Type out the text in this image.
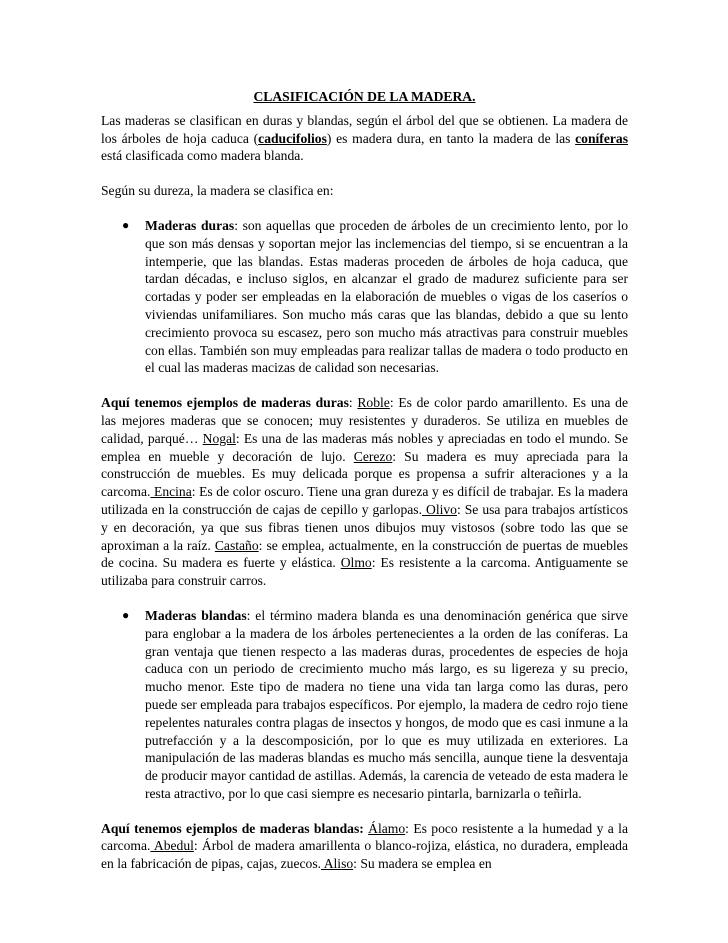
CLASIFICACIÓN DE LA MADERA.

Las maderas se clasifican en duras y blandas, según el árbol del que se obtienen. La madera de los árboles de hoja caduca (caducifolios) es madera dura, en tanto la madera de las coníferas está clasificada como madera blanda.

Según su dureza, la madera se clasifica en:

● Maderas duras: son aquellas que proceden de árboles de un crecimiento lento, por lo que son más densas y soportan mejor las inclemencias del tiempo, si se encuentran a la intemperie, que las blandas. Estas maderas proceden de árboles de hoja caduca, que tardan décadas, e incluso siglos, en alcanzar el grado de madurez suficiente para ser cortadas y poder ser empleadas en la elaboración de muebles o vigas de los caseríos o viviendas unifamiliares. Son mucho más caras que las blandas, debido a que su lento crecimiento provoca su escasez, pero son mucho más atractivas para construir muebles con ellas. También son muy empleadas para realizar tallas de madera o todo producto en el cual las maderas macizas de calidad son necesarias.

Aquí tenemos ejemplos de maderas duras: Roble: Es de color pardo amarillento. Es una de las mejores maderas que se conocen; muy resistentes y duraderos. Se utiliza en muebles de calidad, parqué… Nogal: Es una de las maderas más nobles y apreciadas en todo el mundo. Se emplea en mueble y decoración de lujo. Cerezo: Su madera es muy apreciada para la construcción de muebles. Es muy delicada porque es propensa a sufrir alteraciones y a la carcoma. Encina: Es de color oscuro. Tiene una gran dureza y es difícil de trabajar. Es la madera utilizada en la construcción de cajas de cepillo y garlopas. Olivo: Se usa para trabajos artísticos y en decoración, ya que sus fibras tienen unos dibujos muy vistosos (sobre todo las que se aproximan a la raíz. Castaño: se emplea, actualmente, en la construcción de puertas de muebles de cocina. Su madera es fuerte y elástica. Olmo: Es resistente a la carcoma. Antiguamente se utilizaba para construir carros.

● Maderas blandas: el término madera blanda es una denominación genérica que sirve para englobar a la madera de los árboles pertenecientes a la orden de las coníferas. La gran ventaja que tienen respecto a las maderas duras, procedentes de especies de hoja caduca con un periodo de crecimiento mucho más largo, es su ligereza y su precio, mucho menor. Este tipo de madera no tiene una vida tan larga como las duras, pero puede ser empleada para trabajos específicos. Por ejemplo, la madera de cedro rojo tiene repelentes naturales contra plagas de insectos y hongos, de modo que es casi inmune a la putrefacción y a la descomposición, por lo que es muy utilizada en exteriores. La manipulación de las maderas blandas es mucho más sencilla, aunque tiene la desventaja de producir mayor cantidad de astillas. Además, la carencia de veteado de esta madera le resta atractivo, por lo que casi siempre es necesario pintarla, barnizarla o teñirla.

Aquí tenemos ejemplos de maderas blandas: Álamo: Es poco resistente a la humedad y a la carcoma. Abedul: Árbol de madera amarillenta o blanco-rojiza, elástica, no duradera, empleada en la fabricación de pipas, cajas, zuecos. Aliso: Su madera se emplea en
